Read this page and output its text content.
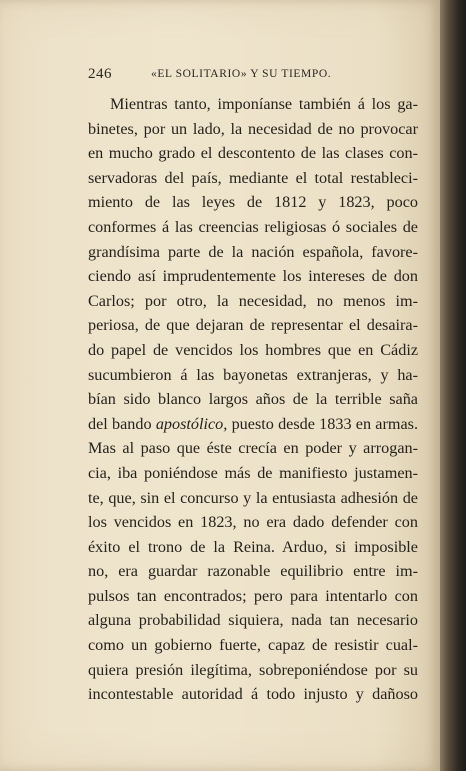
246	«EL SOLITARIO» Y SU TIEMPO.
Mientras tanto, imponíanse también á los ga-
binetes, por un lado, la necesidad de no provocar
en mucho grado el descontento de las clases con-
servadoras del país, mediante el total restableci-
miento de las leyes de 1812 y 1823, poco
conformes á las creencias religiosas ó sociales de
grandísima parte de la nación española, favore-
ciendo así imprudentemente los intereses de don
Carlos; por otro, la necesidad, no menos im-
periosa, de que dejaran de representar el desaira-
do papel de vencidos los hombres que en Cádiz
sucumbieron á las bayonetas extranjeras, y ha-
bían sido blanco largos años de la terrible saña
del bando apostólico, puesto desde 1833 en armas.
Mas al paso que éste crecía en poder y arrogan-
cia, iba poniéndose más de manifiesto justamen-
te, que, sin el concurso y la entusiasta adhesión de
los vencidos en 1823, no era dado defender con
éxito el trono de la Reina. Arduo, si imposible
no, era guardar razonable equilibrio entre im-
pulsos tan encontrados; pero para intentarlo con
alguna probabilidad siquiera, nada tan necesario
como un gobierno fuerte, capaz de resistir cual-
quiera presión ilegítima, sobreponiéndose por su
incontestable autoridad á todo injusto y dañoso
